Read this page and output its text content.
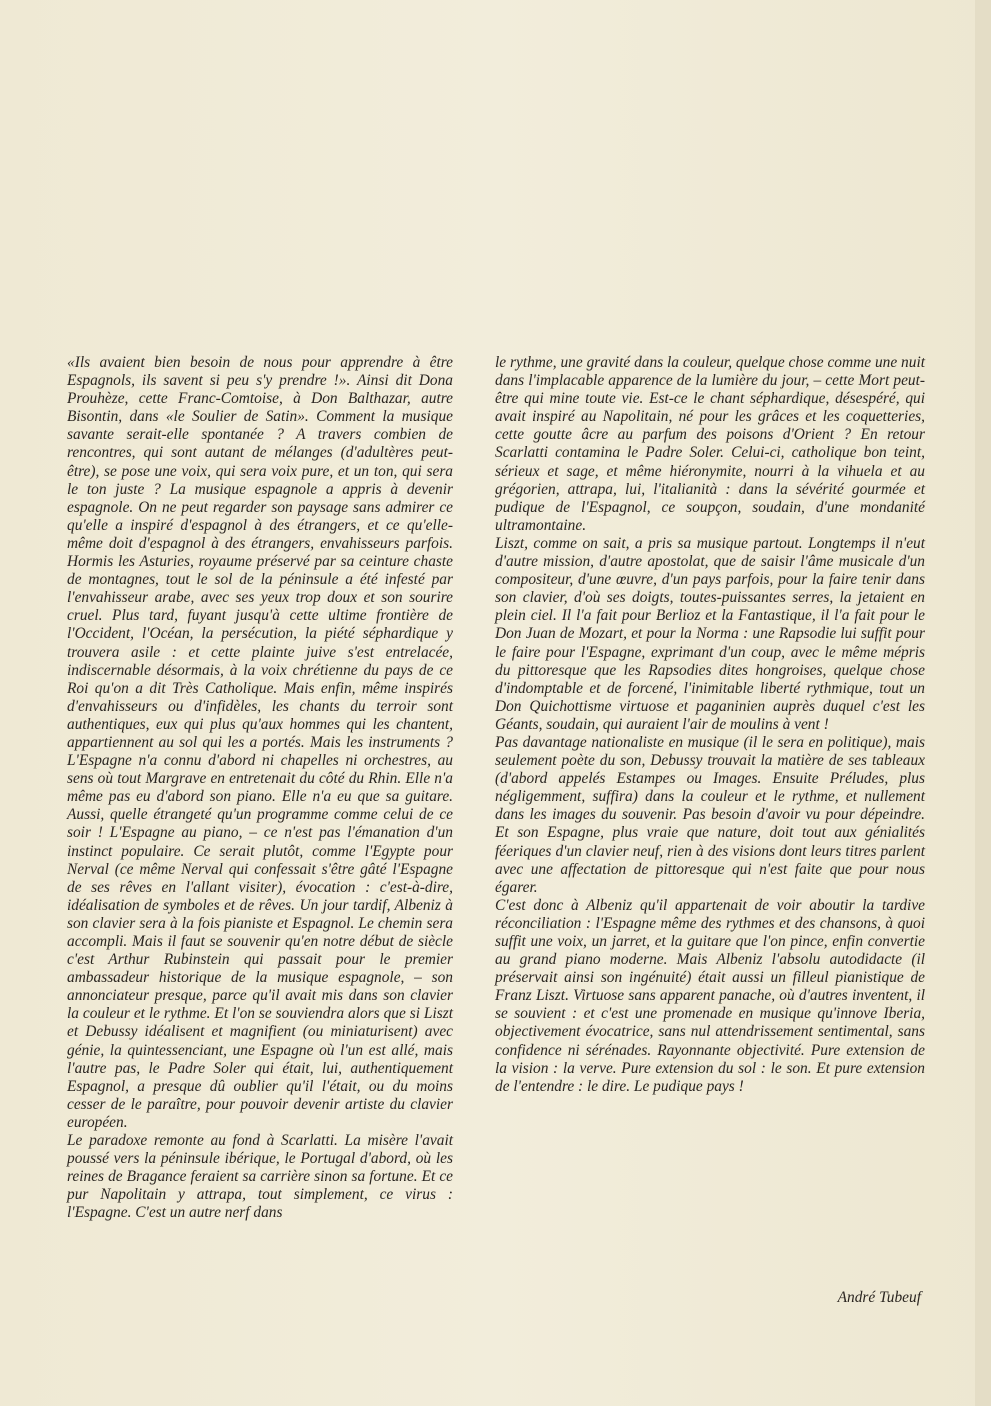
«Ils avaient bien besoin de nous pour apprendre à être Espagnols, ils savent si peu s'y prendre !». Ainsi dit Dona Prouhèze, cette Franc-Comtoise, à Don Balthazar, autre Bisontin, dans «le Soulier de Satin». Comment la musique savante serait-elle spontanée ? A travers combien de rencontres, qui sont autant de mélanges (d'adultères peut-être), se pose une voix, qui sera voix pure, et un ton, qui sera le ton juste ? La musique espagnole a appris à devenir espagnole. On ne peut regarder son paysage sans admirer ce qu'elle a inspiré d'espagnol à des étrangers, et ce qu'elle-même doit d'espagnol à des étrangers, envahisseurs parfois. Hormis les Asturies, royaume préservé par sa ceinture chaste de montagnes, tout le sol de la péninsule a été infesté par l'envahisseur arabe, avec ses yeux trop doux et son sourire cruel. Plus tard, fuyant jusqu'à cette ultime frontière de l'Occident, l'Océan, la persécution, la piété séphardique y trouvera asile : et cette plainte juive s'est entrelacée, indiscernable désormais, à la voix chrétienne du pays de ce Roi qu'on a dit Très Catholique. Mais enfin, même inspirés d'envahisseurs ou d'infidèles, les chants du terroir sont authentiques, eux qui plus qu'aux hommes qui les chantent, appartiennent au sol qui les a portés. Mais les instruments ? L'Espagne n'a connu d'abord ni chapelles ni orchestres, au sens où tout Margrave en entretenait du côté du Rhin. Elle n'a même pas eu d'abord son piano. Elle n'a eu que sa guitare. Aussi, quelle étrangeté qu'un programme comme celui de ce soir ! L'Espagne au piano, – ce n'est pas l'émanation d'un instinct populaire. Ce serait plutôt, comme l'Egypte pour Nerval (ce même Nerval qui confessait s'être gâté l'Espagne de ses rêves en l'allant visiter), évocation : c'est-à-dire, idéalisation de symboles et de rêves. Un jour tardif, Albeniz à son clavier sera à la fois pianiste et Espagnol. Le chemin sera accompli. Mais il faut se souvenir qu'en notre début de siècle c'est Arthur Rubinstein qui passait pour le premier ambassadeur historique de la musique espagnole, – son annonciateur presque, parce qu'il avait mis dans son clavier la couleur et le rythme. Et l'on se souviendra alors que si Liszt et Debussy idéalisent et magnifient (ou miniaturisent) avec génie, la quintessenciant, une Espagne où l'un est allé, mais l'autre pas, le Padre Soler qui était, lui, authentiquement Espagnol, a presque dû oublier qu'il l'était, ou du moins cesser de le paraître, pour pouvoir devenir artiste du clavier européen.

Le paradoxe remonte au fond à Scarlatti. La misère l'avait poussé vers la péninsule ibérique, le Portugal d'abord, où les reines de Bragance feraient sa carrière sinon sa fortune. Et ce pur Napolitain y attrapa, tout simplement, ce virus : l'Espagne. C'est un autre nerf dans

le rythme, une gravité dans la couleur, quelque chose comme une nuit dans l'implacable apparence de la lumière du jour, – cette Mort peut-être qui mine toute vie. Est-ce le chant séphardique, désespéré, qui avait inspiré au Napolitain, né pour les grâces et les coquetteries, cette goutte âcre au parfum des poisons d'Orient ? En retour Scarlatti contamina le Padre Soler. Celui-ci, catholique bon teint, sérieux et sage, et même hiéronymite, nourri à la vihuela et au grégorien, attrapa, lui, l'italianità : dans la sévérité gourmée et pudique de l'Espagnol, ce soupçon, soudain, d'une mondanité ultramontaine.

Liszt, comme on sait, a pris sa musique partout. Longtemps il n'eut d'autre mission, d'autre apostolat, que de saisir l'âme musicale d'un compositeur, d'une œuvre, d'un pays parfois, pour la faire tenir dans son clavier, d'où ses doigts, toutes-puissantes serres, la jetaient en plein ciel. Il l'a fait pour Berlioz et la Fantastique, il l'a fait pour le Don Juan de Mozart, et pour la Norma : une Rapsodie lui suffit pour le faire pour l'Espagne, exprimant d'un coup, avec le même mépris du pittoresque que les Rapsodies dites hongroises, quelque chose d'indomptable et de forcené, l'inimitable liberté rythmique, tout un Don Quichottisme virtuose et paganinien auprès duquel c'est les Géants, soudain, qui auraient l'air de moulins à vent !

Pas davantage nationaliste en musique (il le sera en politique), mais seulement poète du son, Debussy trouvait la matière de ses tableaux (d'abord appelés Estampes ou Images. Ensuite Préludes, plus négligemment, suffira) dans la couleur et le rythme, et nullement dans les images du souvenir. Pas besoin d'avoir vu pour dépeindre. Et son Espagne, plus vraie que nature, doit tout aux génialités féeriques d'un clavier neuf, rien à des visions dont leurs titres parlent avec une affectation de pittoresque qui n'est faite que pour nous égarer.

C'est donc à Albeniz qu'il appartenait de voir aboutir la tardive réconciliation : l'Espagne même des rythmes et des chansons, à quoi suffit une voix, un jarret, et la guitare que l'on pince, enfin convertie au grand piano moderne. Mais Albeniz l'absolu autodidacte (il préservait ainsi son ingénuité) était aussi un filleul pianistique de Franz Liszt. Virtuose sans apparent panache, où d'autres inventent, il se souvient : et c'est une promenade en musique qu'innove Iberia, objectivement évocatrice, sans nul attendrissement sentimental, sans confidence ni sérénades. Rayonnante objectivité. Pure extension de la vision : la verve. Pure extension du sol : le son. Et pure extension de l'entendre : le dire. Le pudique pays !

André Tubeuf
